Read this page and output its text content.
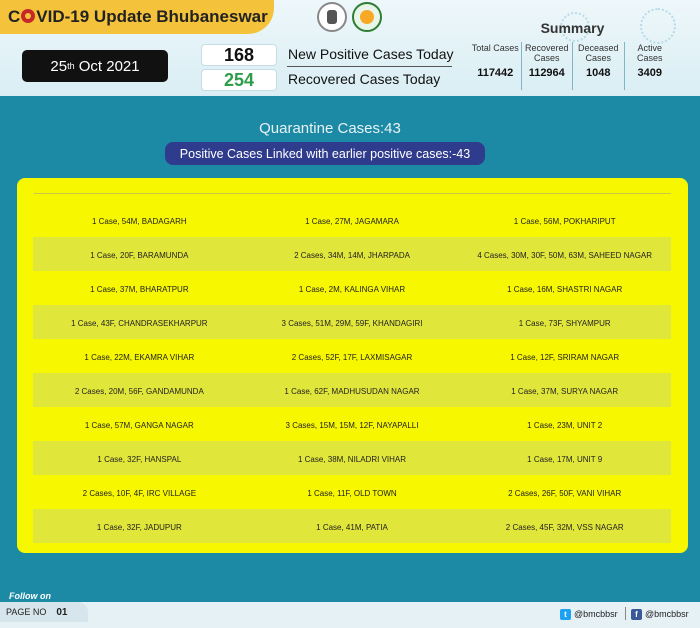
C VID-19 Update Bhubaneswar
25 th Oct 2021
168	New Positive Cases Today
254	Recovered Cases Today
Summary
Total Cases
117442
Recovered Cases
112964
Deceased Cases
1048
Active Cases
3409
Quarantine Cases:43
Positive Cases Linked with earlier positive cases:-43
1 Case, 54M, BADAGARH	1 Case, 27M, JAGAMARA	1 Case, 56M, POKHARIPUT
1 Case, 20F, BARAMUNDA	2 Cases, 34M, 14M, JHARPADA	4 Cases, 30M, 30F, 50M, 63M, SAHEED NAGAR
1 Case, 37M, BHARATPUR	1 Case, 2M, KALINGA VIHAR	1 Case, 16M, SHASTRI NAGAR
1 Case, 43F, CHANDRASEKHARPUR	3 Cases, 51M, 29M, 59F, KHANDAGIRI	1 Case, 73F, SHYAMPUR
1 Case, 22M, EKAMRA VIHAR	2 Cases, 52F, 17F, LAXMISAGAR	1 Case, 12F, SRIRAM NAGAR
2 Cases, 20M, 56F, GANDAMUNDA	1 Case, 62F, MADHUSUDAN NAGAR	1 Case, 37M, SURYA NAGAR
1 Case, 57M, GANGA NAGAR	3 Cases, 15M, 15M, 12F, NAYAPALLI	1 Case, 23M, UNIT 2
1 Case, 32F, HANSPAL	1 Case, 38M, NILADRI VIHAR	1 Case, 17M, UNIT 9
2 Cases, 10F, 4F, IRC VILLAGE	1 Case, 11F, OLD TOWN	2 Cases, 26F, 50F, VANI VIHAR
1 Case, 32F, JADUPUR	1 Case, 41M, PATIA	2 Cases, 45F, 32M, VSS NAGAR
Follow on
PAGE NO 01	t @bmcbbsr	f @bmcbbsr
